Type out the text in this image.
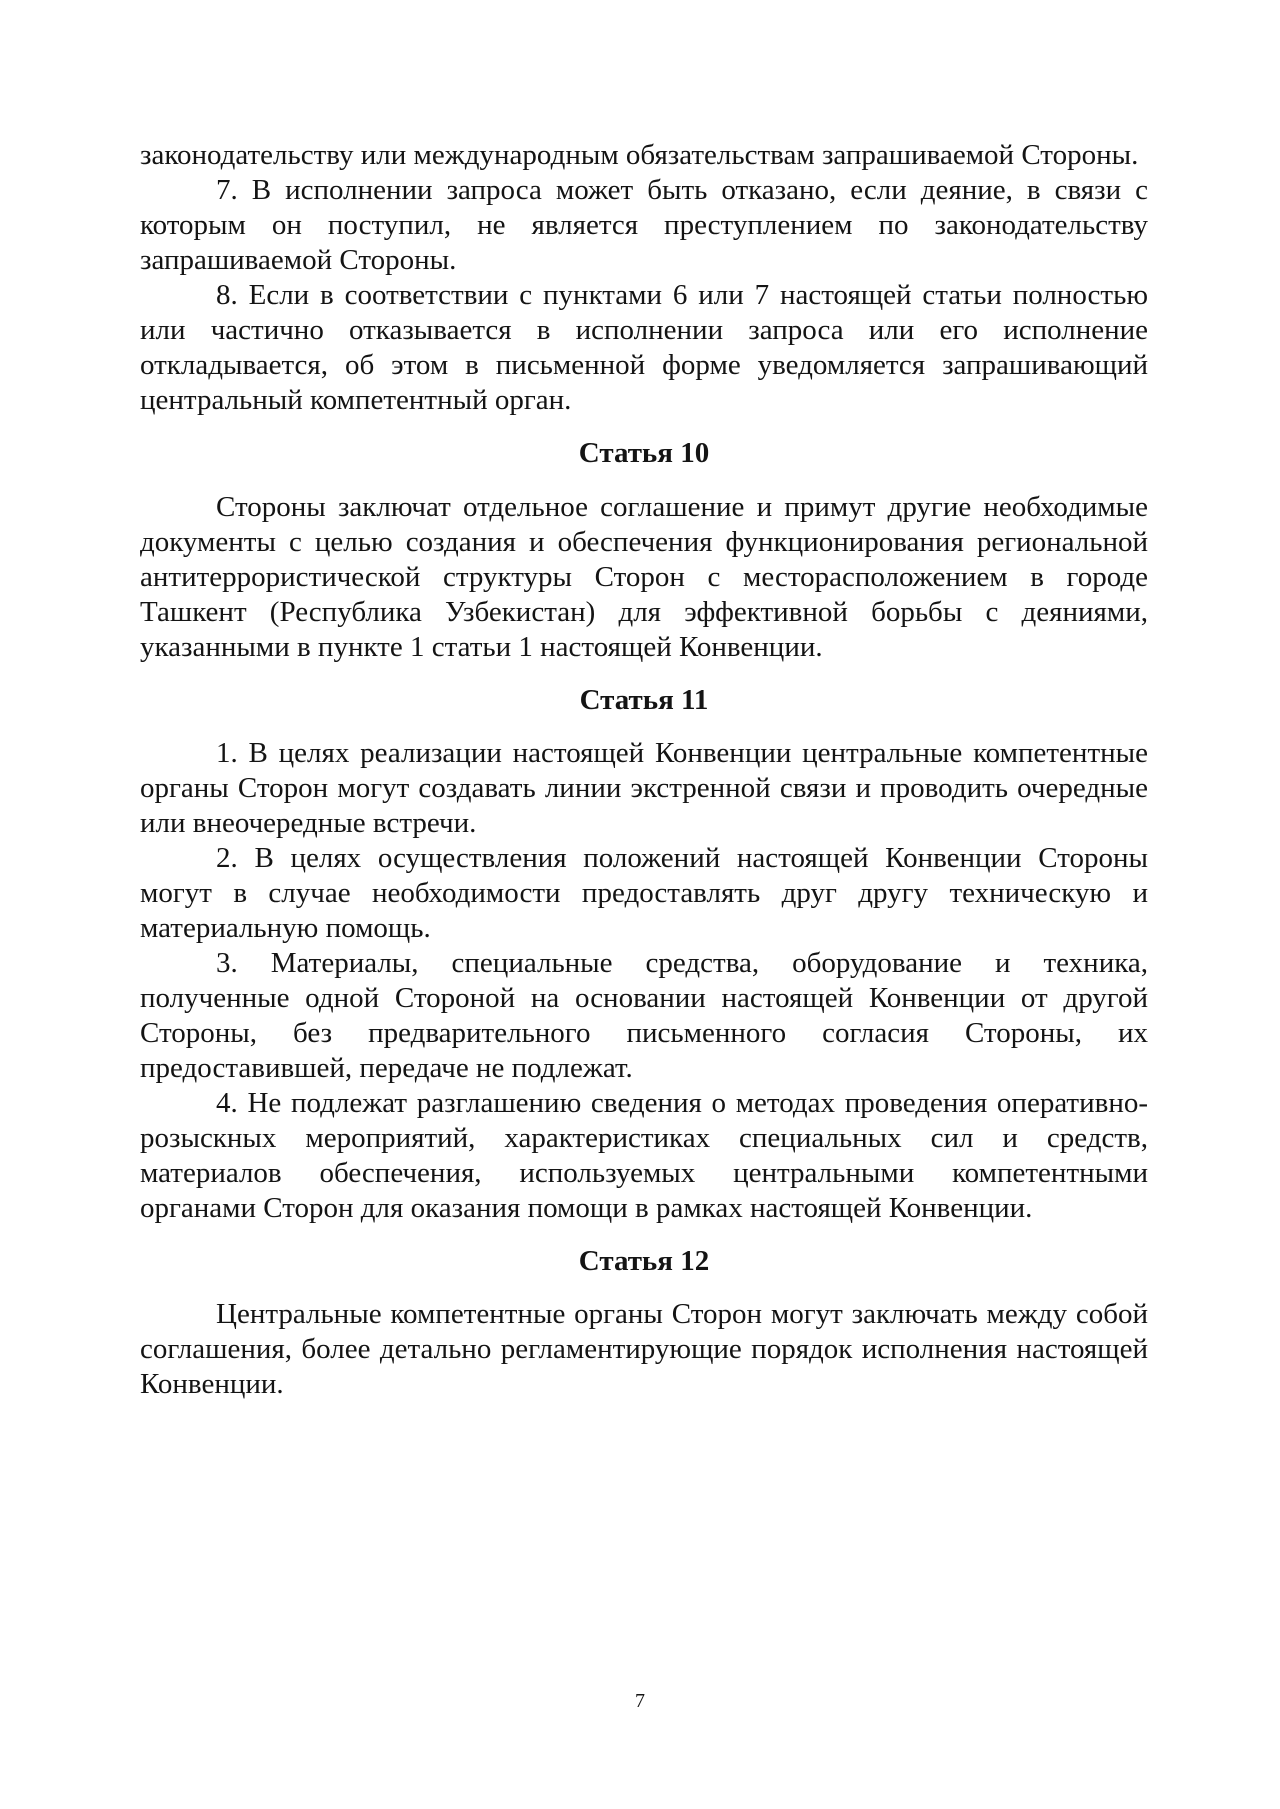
законодательству или международным обязательствам запрашиваемой Стороны.

7. В исполнении запроса может быть отказано, если деяние, в связи с которым он поступил, не является преступлением по законодательству запрашиваемой Стороны.

8. Если в соответствии с пунктами 6 или 7 настоящей статьи полностью или частично отказывается в исполнении запроса или его исполнение откладывается, об этом в письменной форме уведомляется запрашивающий центральный компетентный орган.

Статья 10

Стороны заключат отдельное соглашение и примут другие необходимые документы с целью создания и обеспечения функционирования региональной антитеррористической структуры Сторон с месторасположением в городе Ташкент (Республика Узбекистан) для эффективной борьбы с деяниями, указанными в пункте 1 статьи 1 настоящей Конвенции.

Статья 11

1. В целях реализации настоящей Конвенции центральные компетентные органы Сторон могут создавать линии экстренной связи и проводить очередные или внеочередные встречи.

2. В целях осуществления положений настоящей Конвенции Стороны могут в случае необходимости предоставлять друг другу техническую и материальную помощь.

3. Материалы, специальные средства, оборудование и техника, полученные одной Стороной на основании настоящей Конвенции от другой Стороны, без предварительного письменного согласия Стороны, их предоставившей, передаче не подлежат.

4. Не подлежат разглашению сведения о методах проведения оперативно-розыскных мероприятий, характеристиках специальных сил и средств, материалов обеспечения, используемых центральными компетентными органами Сторон для оказания помощи в рамках настоящей Конвенции.

Статья 12

Центральные компетентные органы Сторон могут заключать между собой соглашения, более детально регламентирующие порядок исполнения настоящей Конвенции.

7
